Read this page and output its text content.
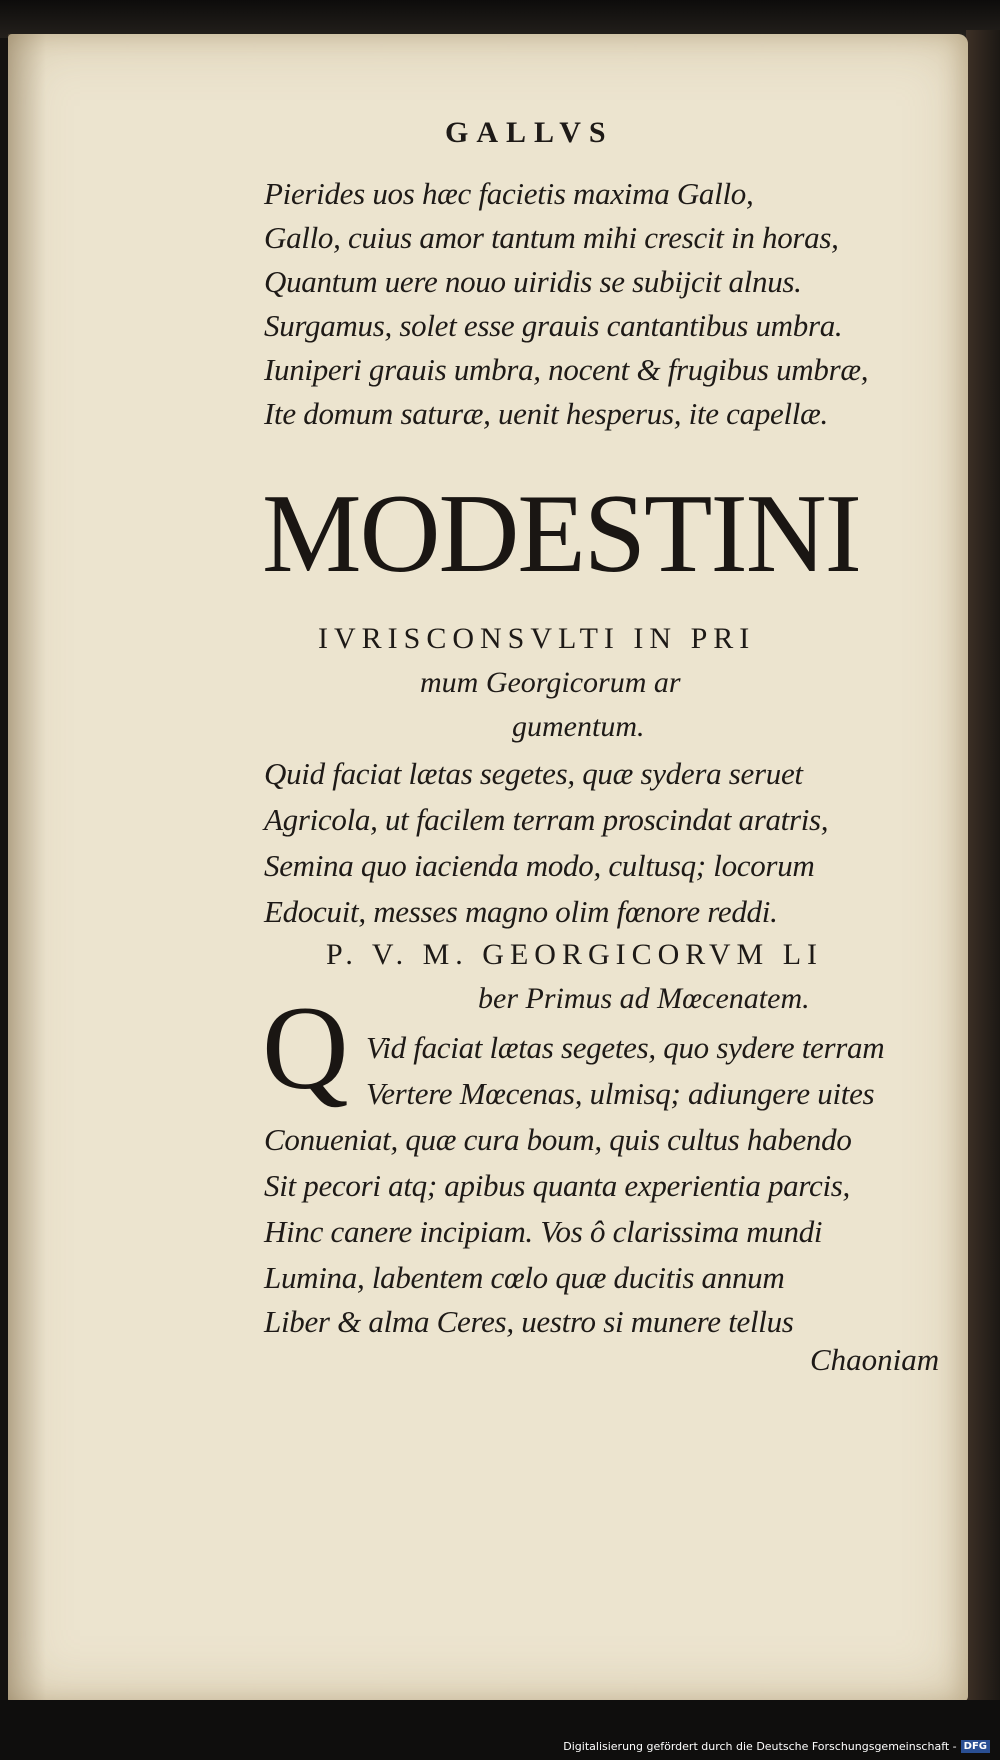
GALLVS
Pierides uos hæc facietis maxima Gallo,
Gallo, cuius amor tantum mihi crescit in horas,
Quantum uere nouo uiridis se subijcit alnus.
Surgamus, solet esse grauis cantantibus umbra.
Iuniperi grauis umbra, nocent & frugibus umbræ,
Ite domum saturæ, uenit hesperus, ite capellæ.
MODESTINI
IVRISCONSVLTI IN PRI
mum Georgicorum ar
gumentum.
Quid faciat lætas segetes, quæ sydera seruet
Agricola, ut facilem terram proscindat aratris,
Semina quo iacienda modo, cultusq; locorum
Edocuit, messes magno olim fœnore reddi.
P. V. M. GEORGICORVM LI
ber Primus ad Mœcenatem.
Q Vid faciat lætas segetes, quo sydere terram
Vertere Mœcenas, ulmisq; adiungere uites
Conueniat, quæ cura boum, quis cultus habendo
Sit pecori atq; apibus quanta experientia parcis,
Hinc canere incipiam. Vos ô clarissima mundi
Lumina, labentem cœlo quæ ducitis annum
Liber & alma Ceres, uestro si munere tellus
Chaoniam
Digitalisierung gefördert durch die Deutsche Forschungsgemeinschaft - DFG
